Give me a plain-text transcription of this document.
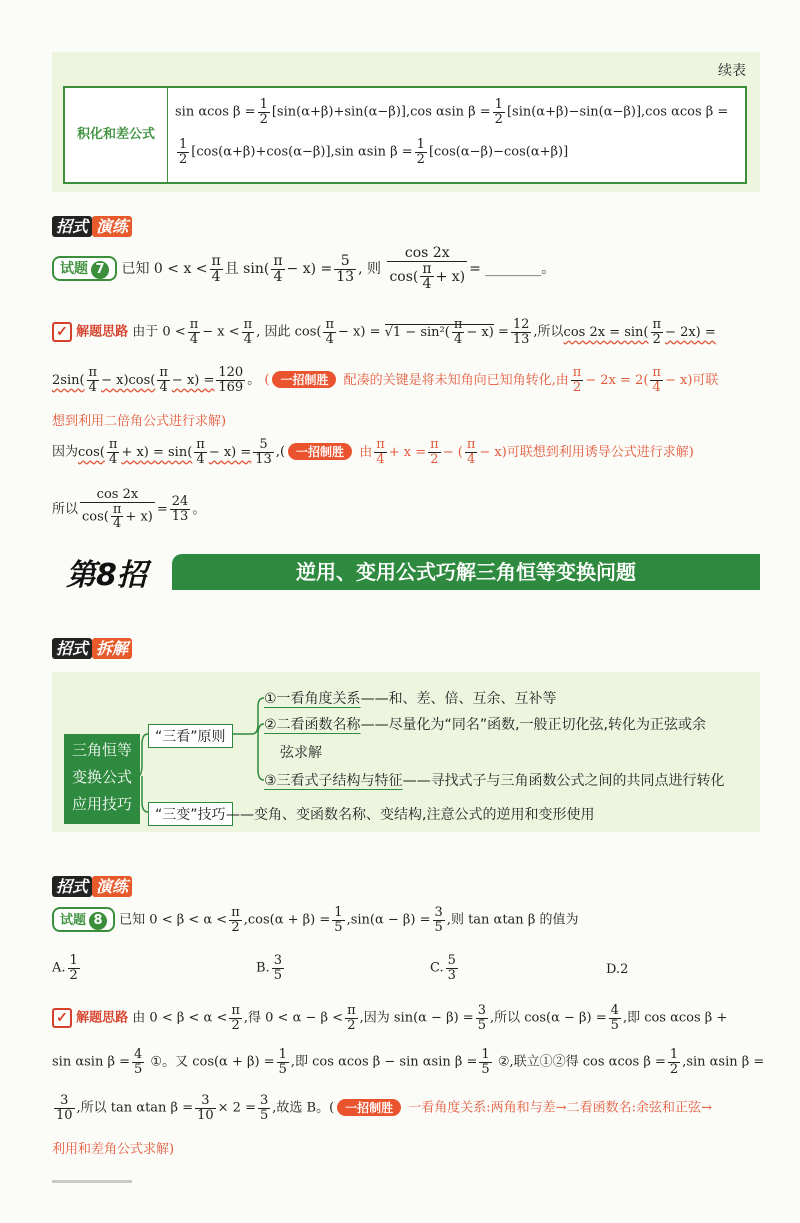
续表
积化和差公式
sin αcos $\beta = \frac{1}{2} [\sin(\alpha+\beta)+\sin(\alpha-\beta)],\cos$ αsin $\beta = \frac{1}{2} [\sin(\alpha+\beta)-\sin(\alpha-\beta)],\cos$ αcos β =
$\frac{1}{2} [\cos(\alpha+\beta)+\cos(\alpha-\beta)],\sin$ αsin $\beta = \frac{1}{2} [\cos(\alpha-\beta)-\cos(\alpha+\beta)]$
招式 演练
试题 7 已知 $0 < x < \frac{\pi}{4}$ 且 $\sin( \frac{\pi}{4} - x) = \frac{5}{13}$ , 则 $\frac{\cos 2x}{\cos( \frac{\pi}{4} + x)}$ = ________。
✓ 解题思路 由于 $0 < \frac{\pi}{4} - x < \frac{\pi}{4}$ , 因此 $\cos( \frac{\pi}{4} - x) = √1 - \sin^2( \frac{\pi}{4} - x) = \frac{12}{13}$ ,所以$\cos 2x = \sin( \frac{\pi}{2} - 2x)$ =
$2\sin( \frac{\pi}{4} - x)\cos( \frac{\pi}{4} - x) = \frac{120}{169}$ 。 ( 一招制胜 配凑的关键是将未知角向已知角转化,由 $\frac{\pi}{2} - 2x = 2( \frac{\pi}{4} - x)$可联
想到利用二倍角公式进行求解)
因为$\cos( \frac{\pi}{4} + x) = \sin( \frac{\pi}{4} - x) = \frac{5}{13}$ ,( 一招制胜 由 $\frac{\pi}{4} + x = \frac{\pi}{2}$ − ( $\frac{\pi}{4} - x$)可联想到利用诱导公式进行求解)
所以 $\frac{\cos 2x}{\cos( \frac{\pi}{4} + x)} = \frac{24}{13}$ 。
逆用、变用公式巧解三角恒等变换问题
第8招
招式 拆解
三角恒等
变换公式
应用技巧
“三看”原则
“三变”技巧
①一看角度关系——和、差、倍、互余、互补等
②二看函数名称——尽量化为“同名”函数,一般正切化弦,转化为正弦或余
弦求解
③三看式子结构与特征——寻找式子与三角函数公式之间的共同点进行转化
——变角、变函数名称、变结构,注意公式的逆用和变形使用
招式 演练
试题 8 已知 $0 < \beta < \alpha < \frac{\pi}{2} ,\cos(\alpha + \beta) = \frac{1}{5} ,\sin(\alpha - \beta) = \frac{3}{5}$ ,则 tan αtan β 的值为
A. $\frac{1}{2}$	B. $\frac{3}{5}$	C. $\frac{5}{3}$	D.2
✓ 解题思路 由 $0 < \beta < \alpha < \frac{\pi}{2}$ ,得 $0 < \alpha - \beta < \frac{\pi}{2}$ ,因为 $\sin(\alpha - \beta) = \frac{3}{5}$ ,所以 $\cos(\alpha - \beta) = \frac{4}{5}$ ,即 cos αcos β +
sin αsin $\beta = \frac{4}{5}$ ①。又 $\cos(\alpha + \beta) = \frac{1}{5}$ ,即 cos αcos β − sin αsin $\beta = \frac{1}{5}$ ②,联立①②得 cos αcos $\beta = \frac{1}{2} ,\sin$ αsin β =
$\frac{3}{10}$ ,所以 tan αtan $\beta = \frac{3}{10} \times 2 = \frac{3}{5}$ ,故选 B。( 一招制胜 一看角度关系:两角和与差→二看函数名:余弦和正弦→
利用和差角公式求解)
